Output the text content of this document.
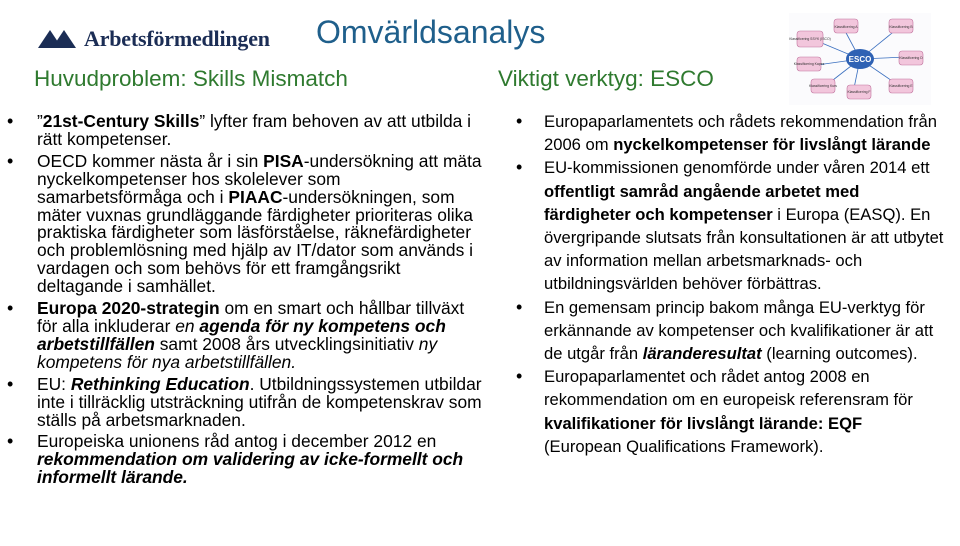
Arbetsförmedlingen Omvärldsanalys
Huvudproblem: Skills Mismatch	Viktigt verktyg: ESCO
ESCO
Klassificering A
Klassificering SSYK (ISCO)
Klassificering Kapes
Klassificering Kurs
Klassificering F
Klassificering E
Klassificering D
Klassificering B
• ”21st-Century Skills” lyfter fram behoven av att utbilda i rätt kompetenser.
• OECD kommer nästa år i sin PISA-undersökning att mäta nyckelkompetenser hos skolelever som samarbetsförmåga och i PIAAC-undersökningen, som mäter vuxnas grundläggande färdigheter prioriteras olika praktiska färdigheter som läsförståelse, räknefärdigheter och problemlösning med hjälp av IT/dator som används i vardagen och som behövs för ett framgångsrikt deltagande i samhället.
• Europa 2020-strategin om en smart och hållbar tillväxt för alla inkluderar en agenda för ny kompetens och arbetstillfällen samt 2008 års utvecklingsinitiativ ny kompetens för nya arbetstillfällen.
• EU: Rethinking Education. Utbildningssystemen utbildar inte i tillräcklig utsträckning utifrån de kompetenskrav som ställs på arbetsmarknaden.
• Europeiska unionens råd antog i december 2012 en rekommendation om validering av icke-formellt och informellt lärande.
• Europaparlamentets och rådets rekommendation från 2006 om nyckelkompetenser för livslångt lärande
• EU-kommissionen genomförde under våren 2014 ett offentligt samråd angående arbetet med färdigheter och kompetenser i Europa (EASQ). En övergripande slutsats från konsultationen är att utbytet av information mellan arbetsmarknads- och utbildningsvärlden behöver förbättras.
• En gemensam princip bakom många EU-verktyg för erkännande av kompetenser och kvalifikationer är att de utgår från läranderesultat (learning outcomes).
• Europaparlamentet och rådet antog 2008 en rekommendation om en europeisk referensram för kvalifikationer för livslångt lärande: EQF (European Qualifications Framework).
